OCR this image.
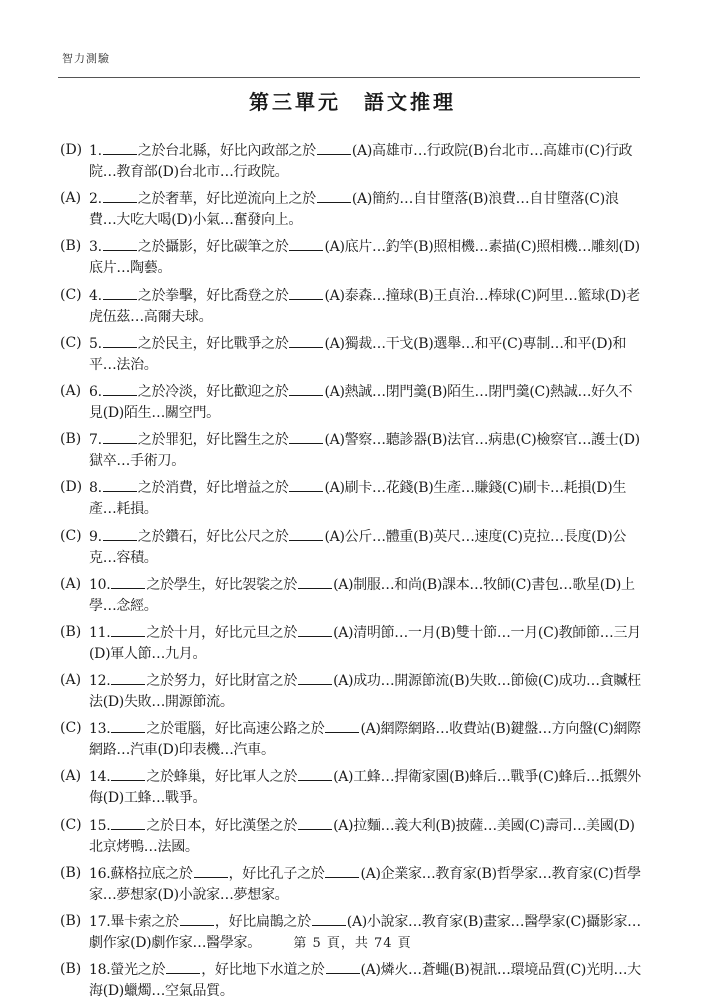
智力測驗
第三單元　語文推理
(D) 1.	之於台北縣，好比內政部之於	(A)高雄市…行政院(B)台北市…高雄市(C)行政院…教育部(D)台北市…行政院。
(A) 2.	之於奢華，好比逆流向上之於	(A)簡約…自甘墮落(B)浪費…自甘墮落(C)浪費…大吃大喝(D)小氣…奮發向上。
(B) 3.	之於攝影，好比碳筆之於	(A)底片…釣竿(B)照相機…素描(C)照相機…雕刻(D)底片…陶藝。
(C) 4.	之於拳擊，好比喬登之於	(A)泰森…撞球(B)王貞治…棒球(C)阿里…籃球(D)老虎伍茲…高爾夫球。
(C) 5.	之於民主，好比戰爭之於	(A)獨裁…干戈(B)選舉…和平(C)專制…和平(D)和平…法治。
(A) 6.	之於冷淡，好比歡迎之於	(A)熱誠…閉門羹(B)陌生…閉門羹(C)熱誠…好久不見(D)陌生…關空門。
(B) 7.	之於罪犯，好比醫生之於	(A)警察…聽診器(B)法官…病患(C)檢察官…護士(D)獄卒…手術刀。
(D) 8.	之於消費，好比增益之於	(A)刷卡…花錢(B)生產…賺錢(C)刷卡…耗損(D)生產…耗損。
(C) 9.	之於鑽石，好比公尺之於	(A)公斤…體重(B)英尺…速度(C)克拉…長度(D)公克…容積。
(A) 10.	之於學生，好比袈裟之於	(A)制服…和尚(B)課本…牧師(C)書包…歌星(D)上學…念經。
(B) 11.	之於十月，好比元旦之於	(A)清明節…一月(B)雙十節…一月(C)教師節…三月(D)軍人節…九月。
(A) 12.	之於努力，好比財富之於	(A)成功…開源節流(B)失敗…節儉(C)成功…貪贓枉法(D)失敗…開源節流。
(C) 13.	之於電腦，好比高速公路之於	(A)網際網路…收費站(B)鍵盤…方向盤(C)網際網路…汽車(D)印表機…汽車。
(A) 14.	之於蜂巢，好比軍人之於	(A)工蜂…捍衛家園(B)蜂后…戰爭(C)蜂后…抵禦外侮(D)工蜂…戰爭。
(C) 15.	之於日本，好比漢堡之於	(A)拉麵…義大利(B)披薩…美國(C)壽司…美國(D)北京烤鴨…法國。
(B) 16.蘇格拉底之於	，好比孔子之於	(A)企業家…教育家(B)哲學家…教育家(C)哲學家…夢想家(D)小說家…夢想家。
(B) 17.畢卡索之於	，好比扁鵲之於	(A)小說家…教育家(B)畫家…醫學家(C)攝影家…劇作家(D)劇作家…醫學家。
(B) 18.螢光之於	，好比地下水道之於	(A)燐火…蒼蠅(B)視訊…環境品質(C)光明…大海(D)蠟燭…空氣品質。
第 5 頁，共 74 頁
